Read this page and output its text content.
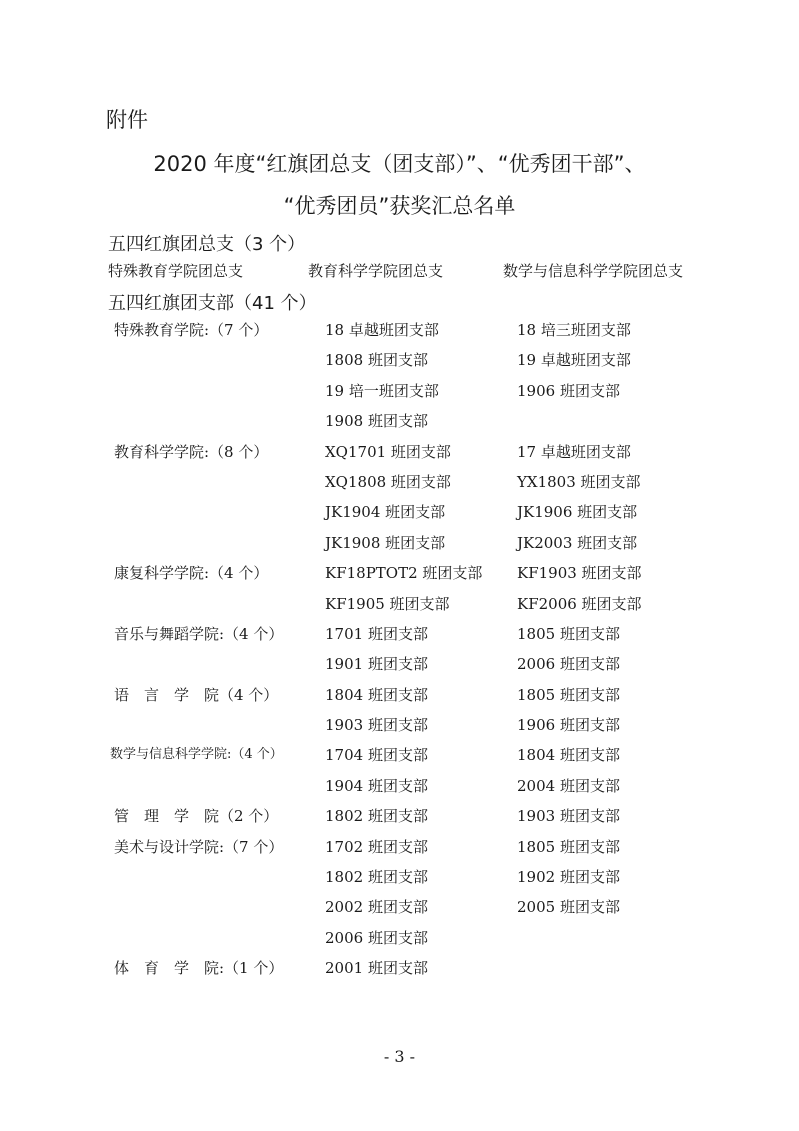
附件
2020 年度“红旗团总支（团支部）”、“优秀团干部”、
“优秀团员”获奖汇总名单
五四红旗团总支（3 个）
特殊教育学院团总支	教育科学学院团总支	数学与信息科学学院团总支
五四红旗团支部（41 个）
特殊教育学院:（7 个）	18 卓越班团支部	18 培三班团支部
1808 班团支部	19 卓越班团支部
19 培一班团支部	1906 班团支部
1908 班团支部
教育科学学院:（8 个）	XQ1701 班团支部	17 卓越班团支部
XQ1808 班团支部	YX1803 班团支部
JK1904 班团支部	JK1906 班团支部
JK1908 班团支部	JK2003 班团支部
康复科学学院:（4 个）	KF18PTOT2 班团支部 KF1903 班团支部
KF1905 班团支部	KF2006 班团支部
音乐与舞蹈学院:（4 个）	1701 班团支部	1805 班团支部
1901 班团支部	2006 班团支部
语　言　学　院（4 个）	1804 班团支部	1805 班团支部
1903 班团支部	1906 班团支部
数学与信息科学学院:（4 个）	1704 班团支部	1804 班团支部
1904 班团支部	2004 班团支部
管　理　学　院（2 个）	1802 班团支部	1903 班团支部
美术与设计学院:（7 个）	1702 班团支部	1805 班团支部
1802 班团支部	1902 班团支部
2002 班团支部	2005 班团支部
2006 班团支部
体　育　学　院:（1 个）	2001 班团支部
- 3 -
